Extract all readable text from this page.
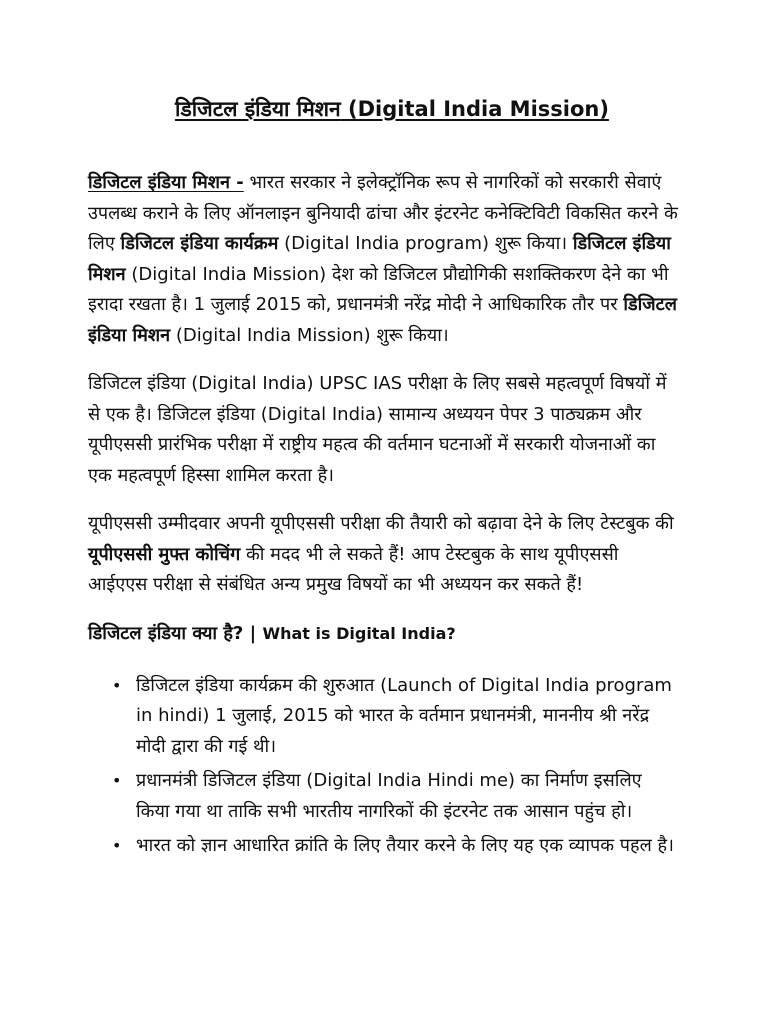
डिजिटल इंडिया मिशन (Digital India Mission)

डिजिटल इंडिया मिशन - भारत सरकार ने इलेक्ट्रॉनिक रूप से नागरिकों को सरकारी सेवाएं उपलब्ध कराने के लिए ऑनलाइन बुनियादी ढांचा और इंटरनेट कनेक्टिविटी विकसित करने के लिए डिजिटल इंडिया कार्यक्रम (Digital India program) शुरू किया। डिजिटल इंडिया मिशन (Digital India Mission) देश को डिजिटल प्रौद्योगिकी सशक्तिकरण देने का भी इरादा रखता है। 1 जुलाई 2015 को, प्रधानमंत्री नरेंद्र मोदी ने आधिकारिक तौर पर डिजिटल इंडिया मिशन (Digital India Mission) शुरू किया।

डिजिटल इंडिया (Digital India) UPSC IAS परीक्षा के लिए सबसे महत्वपूर्ण विषयों में से एक है। डिजिटल इंडिया (Digital India) सामान्य अध्ययन पेपर 3 पाठ्यक्रम और यूपीएससी प्रारंभिक परीक्षा में राष्ट्रीय महत्व की वर्तमान घटनाओं में सरकारी योजनाओं का एक महत्वपूर्ण हिस्सा शामिल करता है।

यूपीएससी उम्मीदवार अपनी यूपीएससी परीक्षा की तैयारी को बढ़ावा देने के लिए टेस्टबुक की यूपीएससी मुफ्त कोचिंग की मदद भी ले सकते हैं! आप टेस्टबुक के साथ यूपीएससी आईएएस परीक्षा से संबंधित अन्य प्रमुख विषयों का भी अध्ययन कर सकते हैं!

डिजिटल इंडिया क्या है? | What is Digital India?
• डिजिटल इंडिया कार्यक्रम की शुरुआत (Launch of Digital India program in hindi) 1 जुलाई, 2015 को भारत के वर्तमान प्रधानमंत्री, माननीय श्री नरेंद्र मोदी द्वारा की गई थी।
• प्रधानमंत्री डिजिटल इंडिया (Digital India Hindi me) का निर्माण इसलिए किया गया था ताकि सभी भारतीय नागरिकों की इंटरनेट तक आसान पहुंच हो।
• भारत को ज्ञान आधारित क्रांति के लिए तैयार करने के लिए यह एक व्यापक पहल है।
